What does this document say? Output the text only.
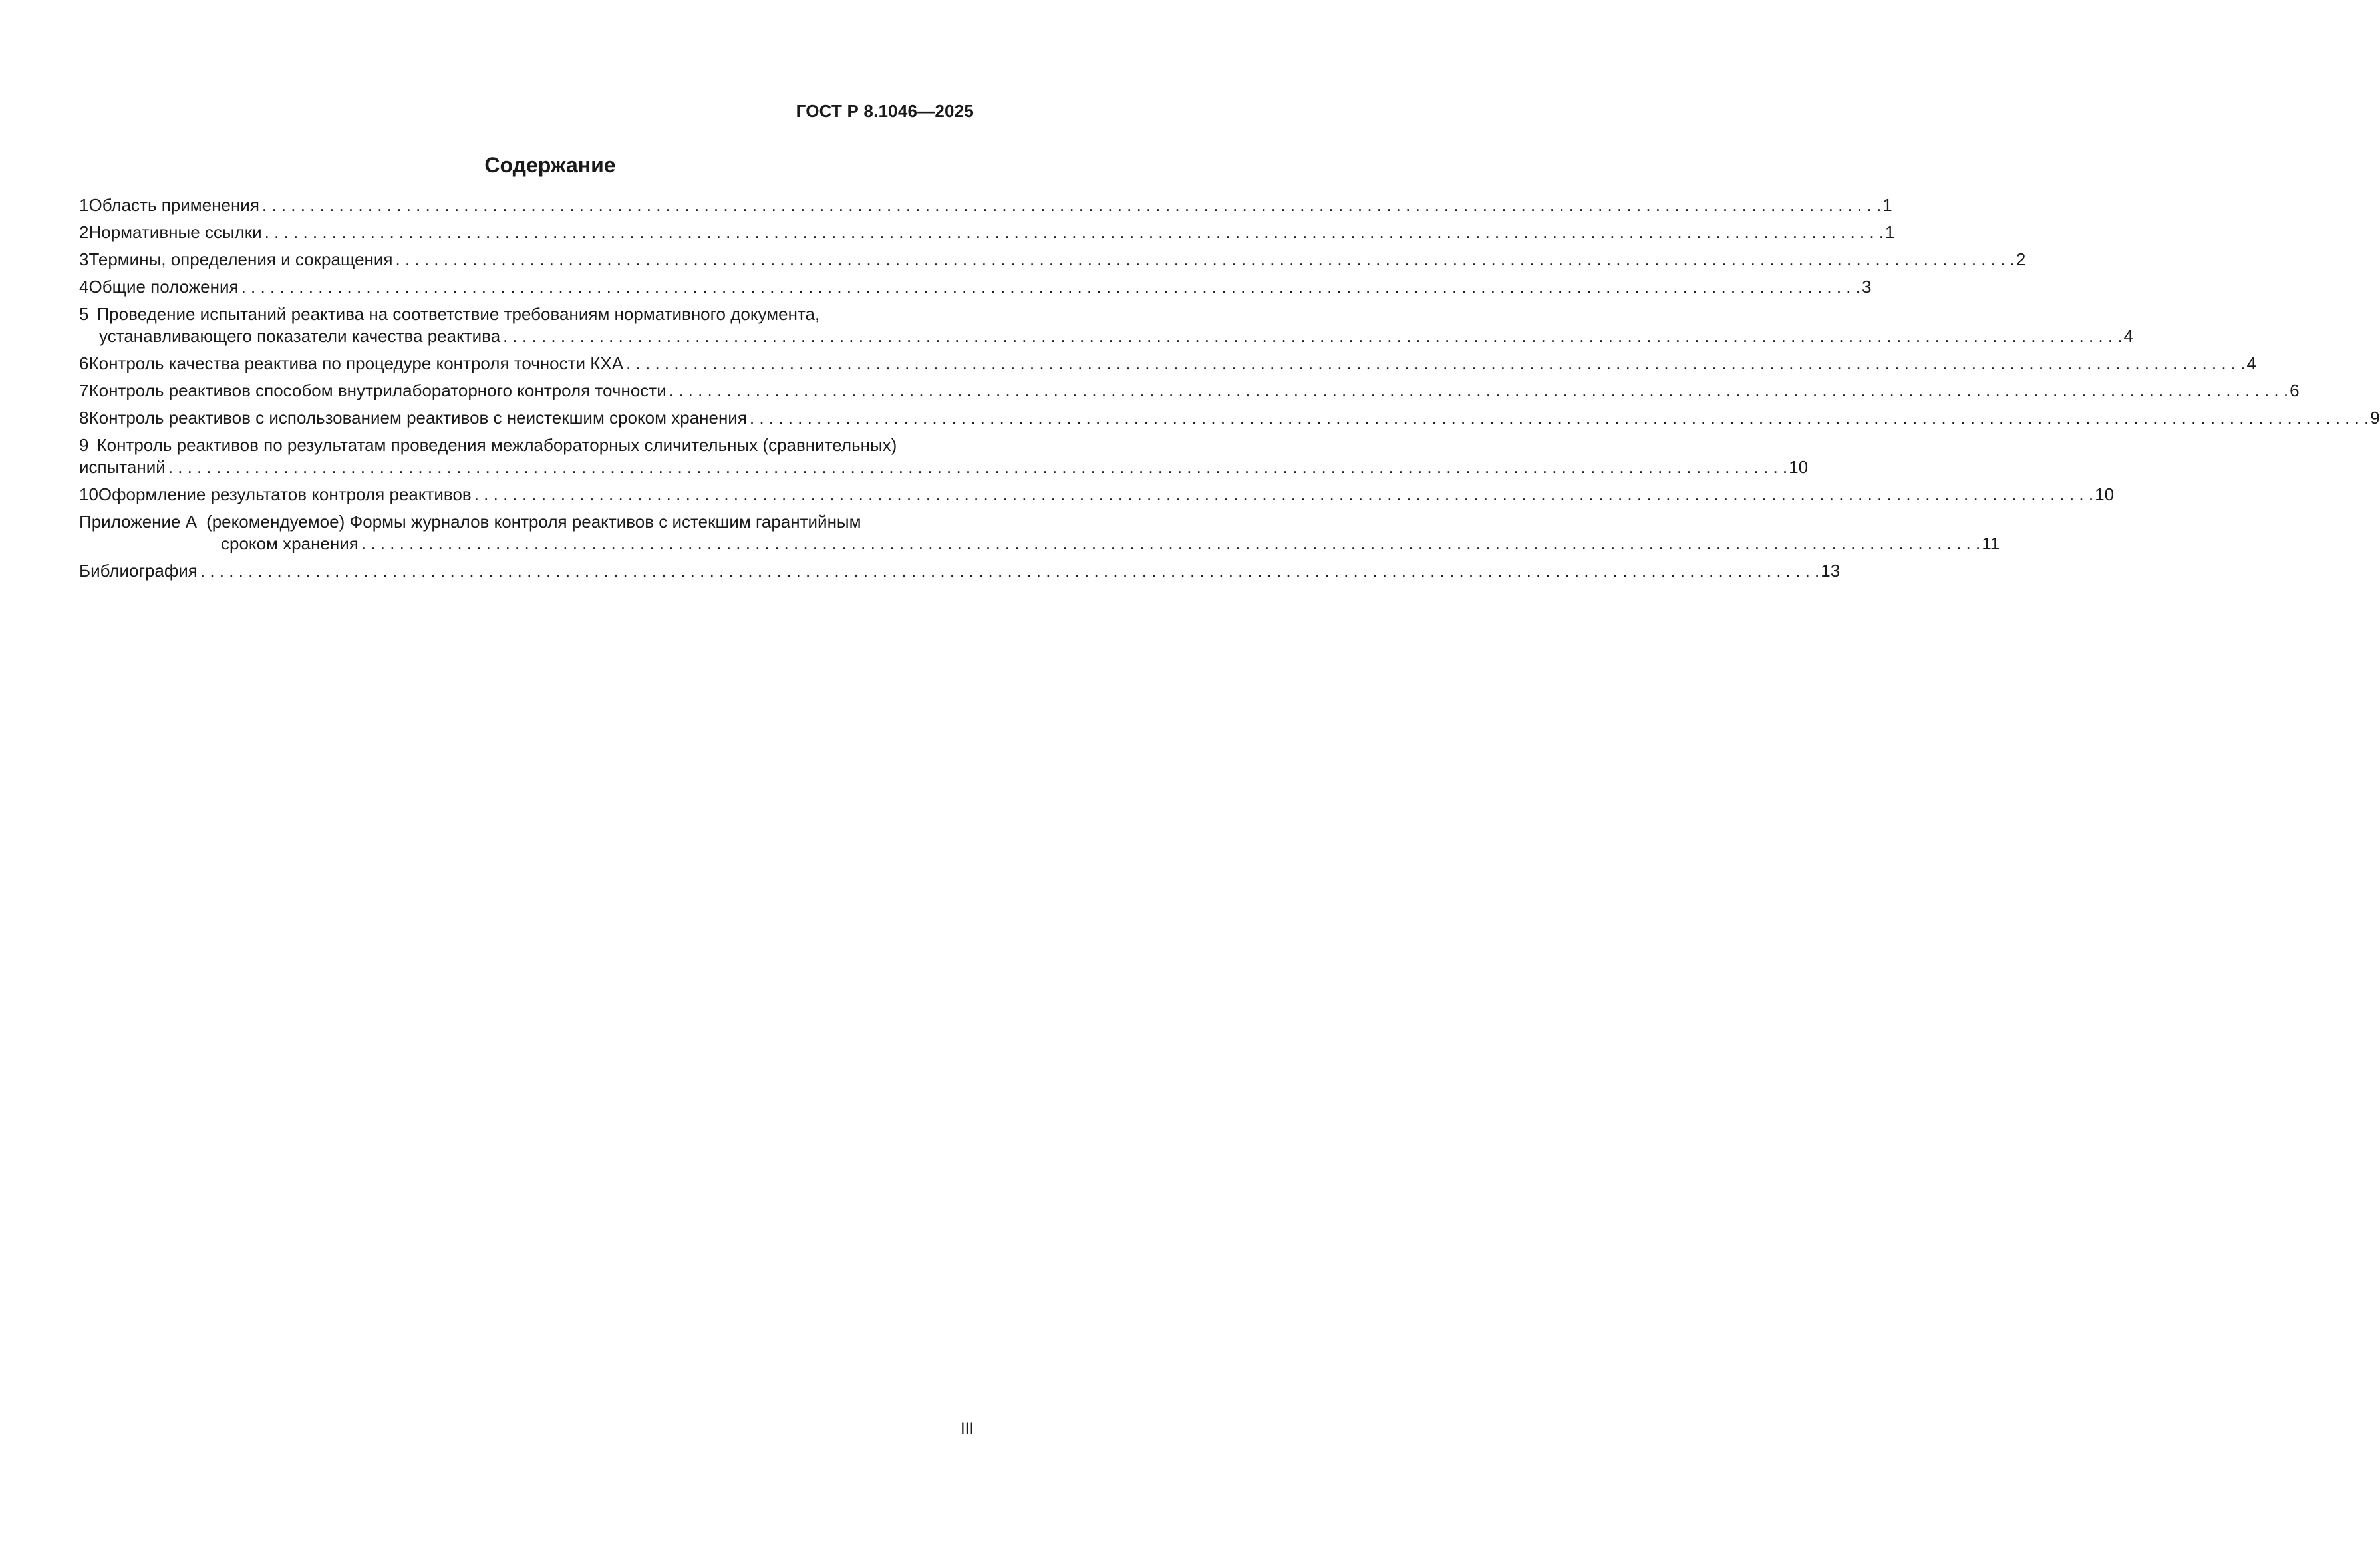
ГОСТ Р 8.1046—2025
Содержание
1 Область применения . . .	1
2 Нормативные ссылки . . .	1
3 Термины, определения и сокращения . . .	2
4 Общие положения . . .	3
5 Проведение испытаний реактива на соответствие требованиям нормативного документа,
устанавливающего показатели качества реактива . . .	4
6 Контроль качества реактива по процедуре контроля точности КХА . . .	4
7 Контроль реактивов способом внутрилабораторного контроля точности . . .	6
8 Контроль реактивов с использованием реактивов с неистекшим сроком хранения . . .	9
9 Контроль реактивов по результатам проведения межлабораторных сличительных (сравнительных)
испытаний . . .	10
10 Оформление результатов контроля реактивов . . .	10
Приложение А (рекомендуемое) Формы журналов контроля реактивов с истекшим гарантийным
сроком хранения . . .	11
Библиография . . .	13
III
